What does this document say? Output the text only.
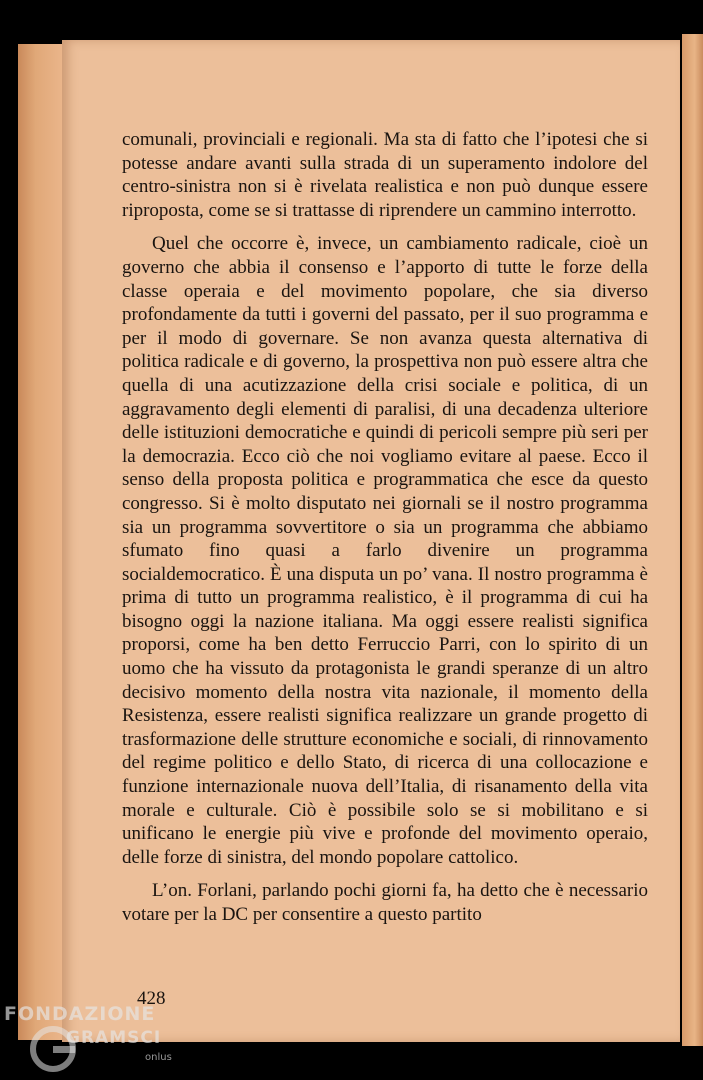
comunali, provinciali e regionali. Ma sta di fatto che l’ipotesi che si potesse andare avanti sulla strada di un superamento indolore del centro-sinistra non si è rivelata realistica e non può dunque essere riproposta, come se si trattasse di riprendere un cammino interrotto.

Quel che occorre è, invece, un cambiamento radicale, cioè un governo che abbia il consenso e l’apporto di tutte le forze della classe operaia e del movimento popolare, che sia diverso profondamente da tutti i governi del passato, per il suo programma e per il modo di governare. Se non avanza questa alternativa di politica radicale e di governo, la prospettiva non può essere altra che quella di una acutizzazione della crisi sociale e politica, di un aggravamento degli elementi di paralisi, di una decadenza ulteriore delle istituzioni democratiche e quindi di pericoli sempre più seri per la democrazia. Ecco ciò che noi vogliamo evitare al paese. Ecco il senso della proposta politica e programmatica che esce da questo congresso. Si è molto disputato nei giornali se il nostro programma sia un programma sovvertitore o sia un programma che abbiamo sfumato fino quasi a farlo divenire un programma socialdemocratico. È una disputa un po’ vana. Il nostro programma è prima di tutto un programma realistico, è il programma di cui ha bisogno oggi la nazione italiana. Ma oggi essere realisti significa proporsi, come ha ben detto Ferruccio Parri, con lo spirito di un uomo che ha vissuto da protagonista le grandi speranze di un altro decisivo momento della nostra vita nazionale, il momento della Resistenza, essere realisti significa realizzare un grande progetto di trasformazione delle strutture economiche e sociali, di rinnovamento del regime politico e dello Stato, di ricerca di una collocazione e funzione internazionale nuova dell’Italia, di risanamento della vita morale e culturale. Ciò è possibile solo se si mobilitano e si unificano le energie più vive e profonde del movimento operaio, delle forze di sinistra, del mondo popolare cattolico.

L’on. Forlani, parlando pochi giorni fa, ha detto che è necessario votare per la DC per consentire a questo partito

428
FONDAZIONE
GRAMSCI
onlus
